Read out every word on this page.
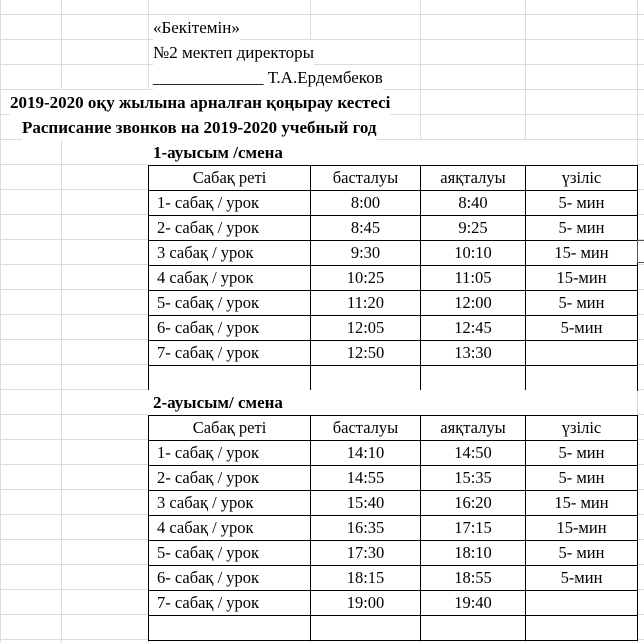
«Бекітемін»
№2 мектеп директоры
_____________ Т.А.Ердембеков
2019-2020 оқу жылына арналған қоңырау кестесі
Расписание звонков на 2019-2020 учебный год
1-ауысым /смена
Сабақ реті	басталуы	аяқталуы	үзіліс
1- сабақ / урок	8:00	8:40	5- мин
2- сабақ / урок	8:45	9:25	5- мин
3 сабақ / урок	9:30	10:10	15- мин
4 сабақ / урок	10:25	11:05	15-мин
5- сабақ / урок	11:20	12:00	5- мин
6- сабақ / урок	12:05	12:45	5-мин
7- сабақ / урок	12:50	13:30	

2-ауысым/ смена
Сабақ реті	басталуы	аяқталуы	үзіліс
1- сабақ / урок	14:10	14:50	5- мин
2- сабақ / урок	14:55	15:35	5- мин
3 сабақ / урок	15:40	16:20	15- мин
4 сабақ / урок	16:35	17:15	15-мин
5- сабақ / урок	17:30	18:10	5- мин
6- сабақ / урок	18:15	18:55	5-мин
7- сабақ / урок	19:00	19:40	
